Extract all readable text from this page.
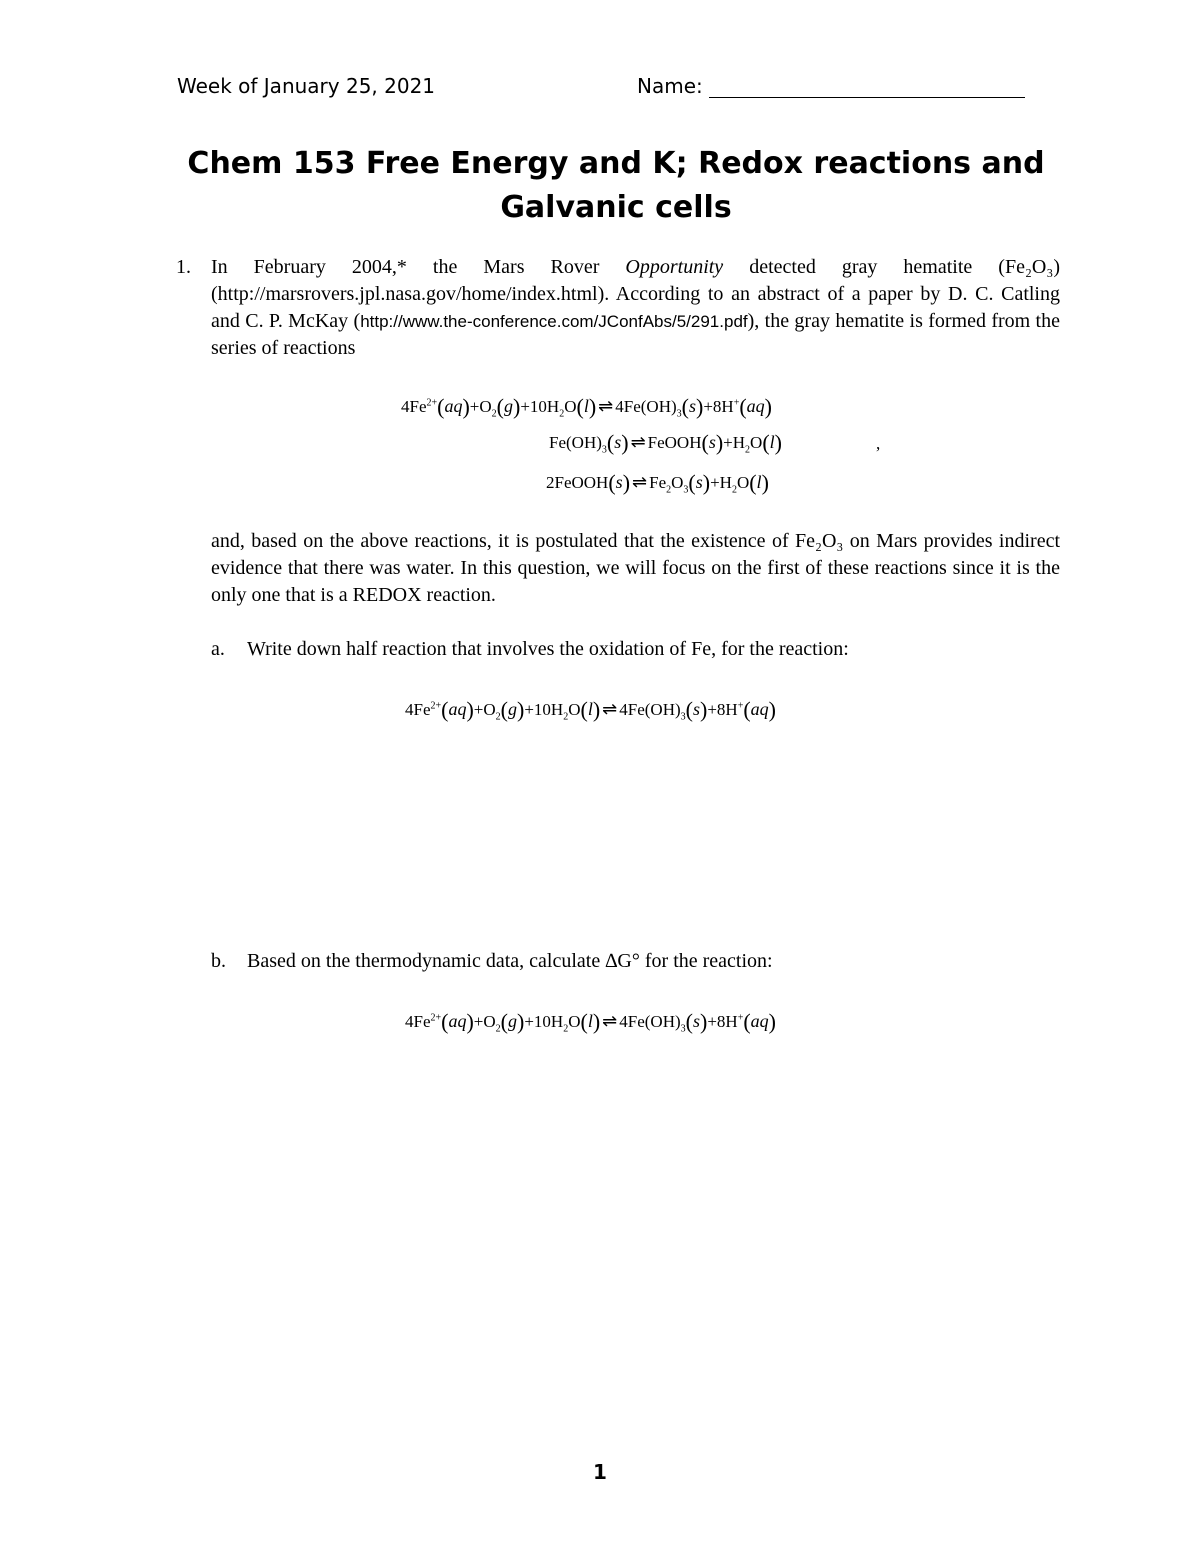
Week of January 25, 2021	Name:
Chem 153 Free Energy and K; Redox reactions and Galvanic cells
1. In February 2004,* the Mars Rover Opportunity detected gray hematite (Fe₂O₃) (http://marsrovers.jpl.nasa.gov/home/index.html). According to an abstract of a paper by D. C. Catling and C. P. McKay (http://www.the-conference.com/JConfAbs/5/291.pdf), the gray hematite is formed from the series of reactions
$4Fe^{2+}(aq)+O_2(g)+10H_2O(l)$ ⇌ $4Fe(OH)_3(s)+8H^+(aq)$
$Fe(OH)_3(s)$ ⇌ $FeOOH(s)+H_2O(l)$	,
2FeOOH(s) ⇌ $Fe_2O_3(s)+H_2O(l)$
and, based on the above reactions, it is postulated that the existence of Fe₂O₃ on Mars provides indirect evidence that there was water. In this question, we will focus on the first of these reactions since it is the only one that is a REDOX reaction.
a. Write down half reaction that involves the oxidation of Fe, for the reaction:
$4Fe^{2+}(aq)+O_2(g)+10H_2O(l)$ ⇌ $4Fe(OH)_3(s)+8H^+(aq)$
b. Based on the thermodynamic data, calculate ∆G° for the reaction:
$4Fe^{2+}(aq)+O_2(g)+10H_2O(l)$ ⇌ $4Fe(OH)_3(s)+8H^+(aq)$
1
